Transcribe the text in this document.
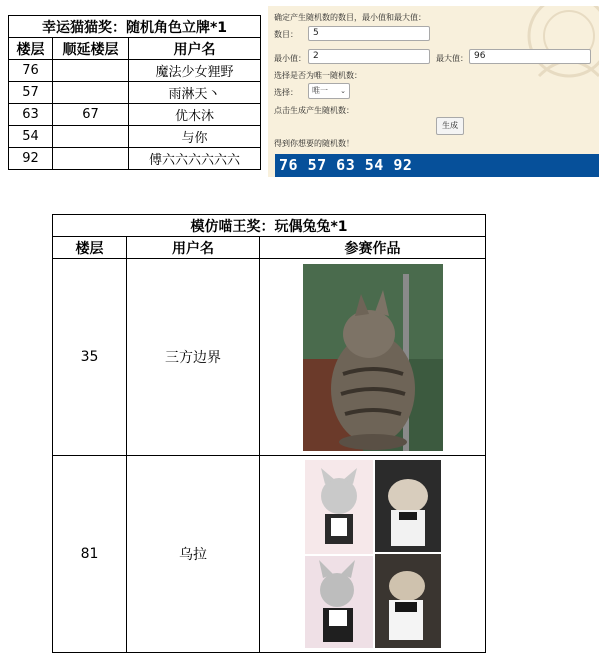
幸运猫猫奖：随机角色立牌*1		
楼层	顺延楼层	用户名
76		魔法少女狸野
57		雨淋天丶
63	67	优木沐
54		与你
92		傅六六六六六六
确定产生随机数的数目，最小值和最大值：
数目：	5
最小值： 2	最大值： 96
选择是否为唯一随机数：
选择：	唯一 ⌄
点击生成产生随机数：
生成
得到你想要的随机数！
76 57 63 54 92
模仿喵王奖：玩偶兔兔*1		
楼层	用户名	参赛作品
35	三方边界	

81	乌拉	
